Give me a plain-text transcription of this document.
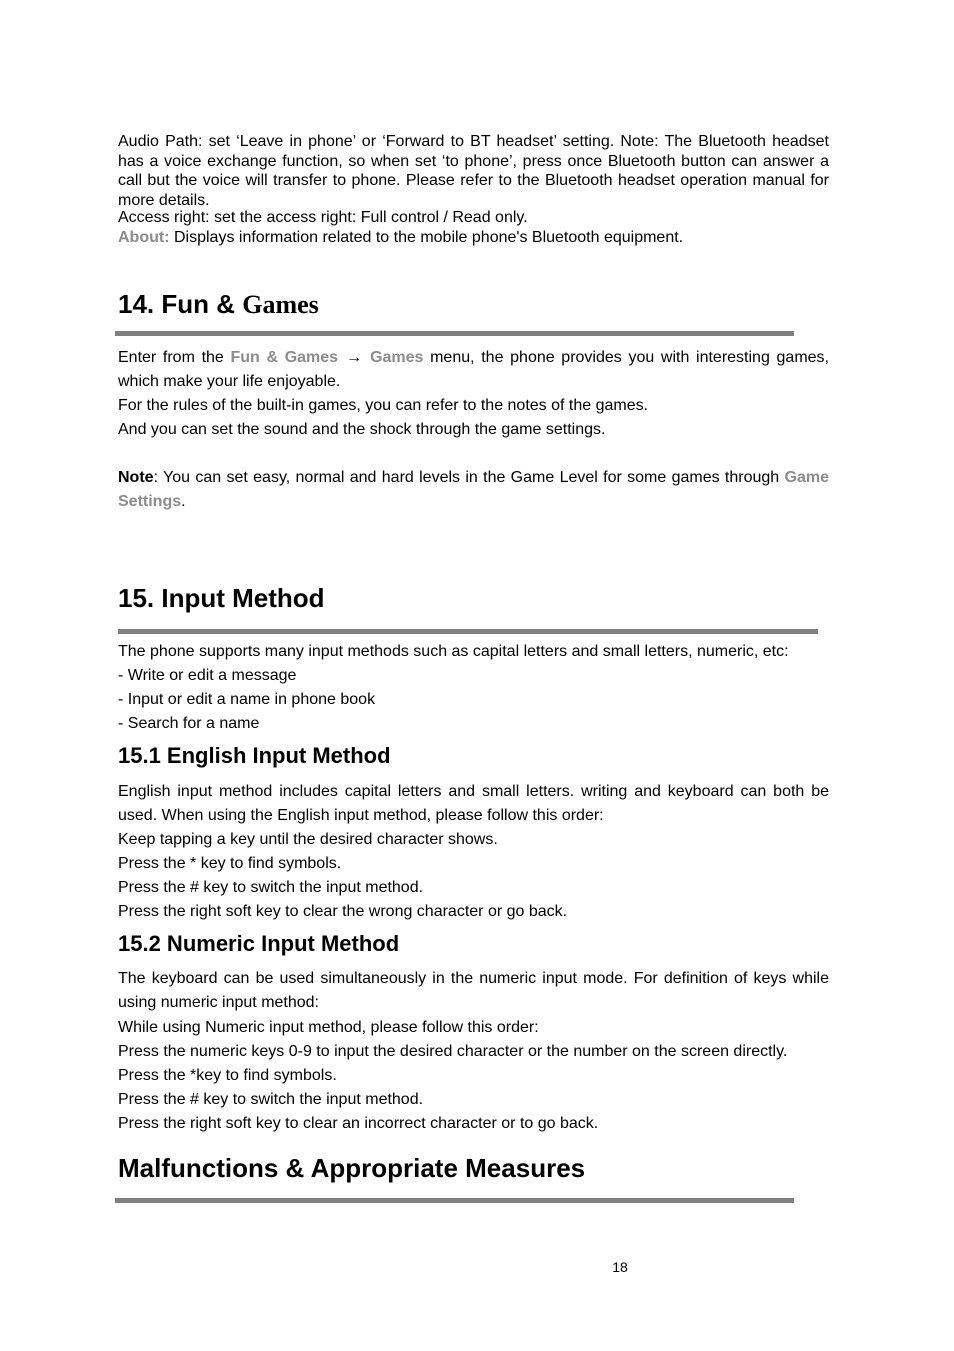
Audio Path: set ‘Leave in phone’ or ‘Forward to BT headset’ setting. Note: The Bluetooth headset has a voice exchange function, so when set ‘to phone’, press once Bluetooth button can answer a call but the voice will transfer to phone. Please refer to the Bluetooth headset operation manual for more details.
Access right: set the access right: Full control / Read only.
About: Displays information related to the mobile phone's Bluetooth equipment.
14. Fun & Games
Enter from the Fun & Games → Games menu, the phone provides you with interesting games, which make your life enjoyable.
For the rules of the built-in games, you can refer to the notes of the games.
And you can set the sound and the shock through the game settings.
Note: You can set easy, normal and hard levels in the Game Level for some games through Game Settings.
15. Input Method
The phone supports many input methods such as capital letters and small letters, numeric, etc:
- Write or edit a message
- Input or edit a name in phone book
- Search for a name
15.1 English Input Method
English input method includes capital letters and small letters. writing and keyboard can both be used. When using the English input method, please follow this order:
Keep tapping a key until the desired character shows.
Press the * key to find symbols.
Press the # key to switch the input method.
Press the right soft key to clear the wrong character or go back.
15.2 Numeric Input Method
The keyboard can be used simultaneously in the numeric input mode. For definition of keys while using numeric input method:
While using Numeric input method, please follow this order:
Press the numeric keys 0-9 to input the desired character or the number on the screen directly.
Press the *key to find symbols.
Press the # key to switch the input method.
Press the right soft key to clear an incorrect character or to go back.
Malfunctions & Appropriate Measures
18
